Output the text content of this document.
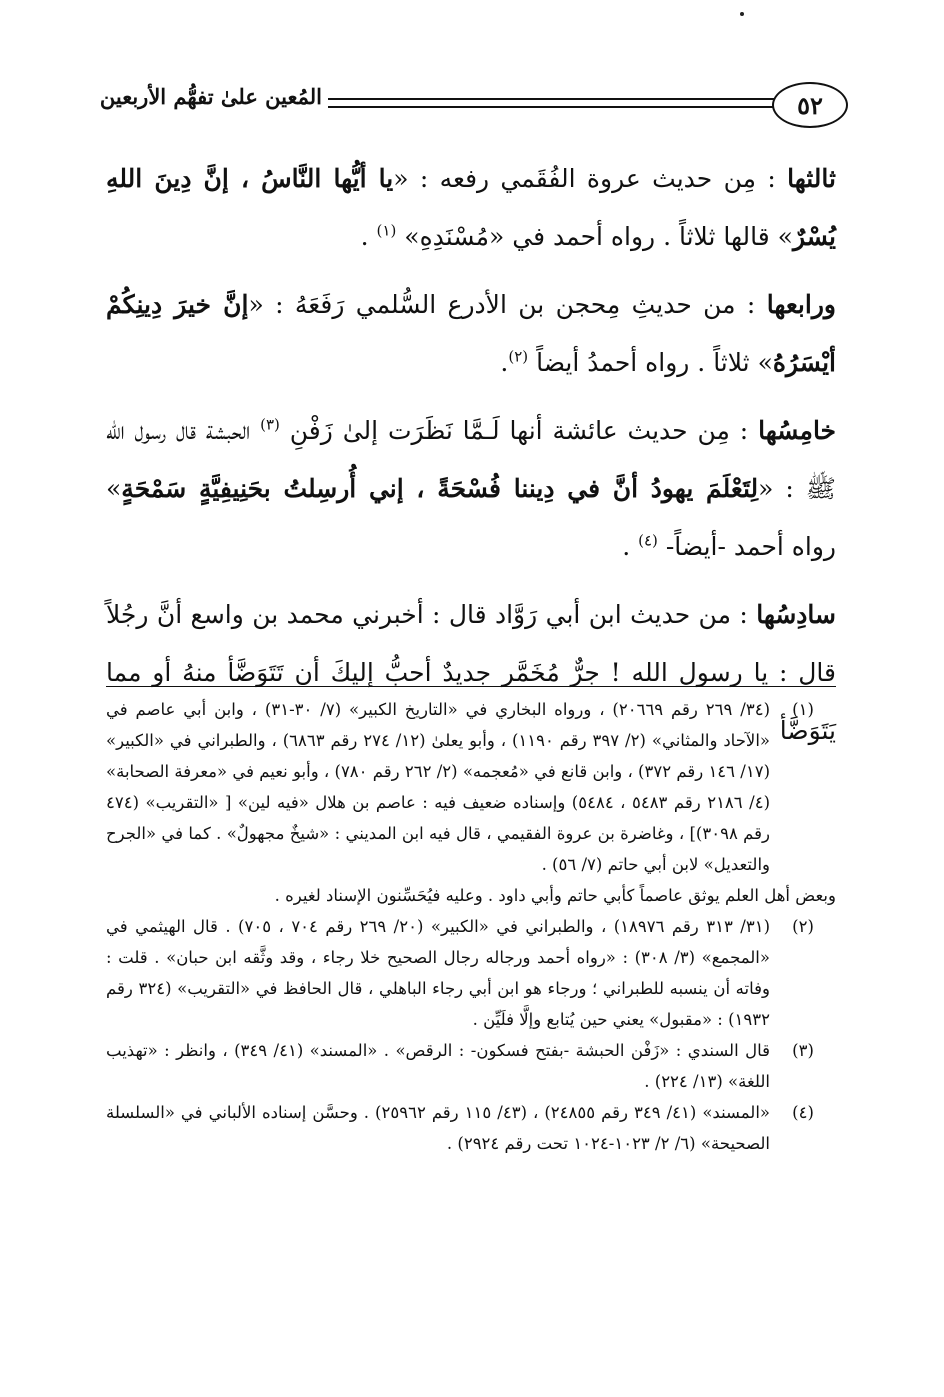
٥٢
المُعين علىٰ تفهُّم الأربعين

ثالثها : مِن حديث عروة الفُقَمي رفعه : «يا أيُّها النَّاسُ ، إنَّ دِينَ اللهِ يُسْرٌ» قالها ثلاثاً . رواه أحمد في «مُسْنَدِهِ» $^{(١)}$ .

ورابعها : من حديثِ مِحجن بن الأدرع السُّلمي رَفَعَهُ : «إنَّ خيرَ دِينِكُمْ أيْسَرُهُ» ثلاثاً . رواه أحمدُ أيضاً $^{(٢)}$.

خامِسُها : مِن حديث عائشة أنها لَـمَّا نَظَرَت إلىٰ زَفْنِ $^{(٣)}$ الحبشة قال رسول الله ﷺ : «لِتَعْلَمَ يهودُ أنَّ في دِيننا فُسْحَةً ، إني أُرسِلتُ بحَنِيفِيَّةٍ سَمْحَةٍ» رواه أحمد -أيضاً- $^{(٤)}$ .

سادِسُها : من حديث ابن أبي رَوَّاد قال : أخبرني محمد بن واسع أنَّ رجُلاً قال : يا رسول الله ! جرٌّ مُخَمَّر جديدٌ أحبُّ إليكَ أن تَتَوَضَّأ منهُ أو مما يَتَوَضَّأ

(١)
(٣٤/ ٢٦٩ رقم ٢٠٦٦٩) ، ورواه البخاري في «التاريخ الكبير» (٧/ ٣٠-٣١) ، وابن أبي عاصم في «الآحاد والمثاني» (٢/ ٣٩٧ رقم ١١٩٠) ، وأبو يعلىٰ (١٢/ ٢٧٤ رقم ٦٨٦٣) ، والطبراني في «الكبير» (١٧/ ١٤٦ رقم ٣٧٢) ، وابن قانع في «مُعجمه» (٢/ ٢٦٢ رقم ٧٨٠) ، وأبو نعيم في «معرفة الصحابة» (٤/ ٢١٨٦ رقم ٥٤٨٣ ، ٥٤٨٤) وإسناده ضعيف فيه : عاصم بن هلال «فيه لين» [ «التقريب» (٤٧٤ رقم ٣٠٩٨)] ، وغاضرة بن عروة الفقيمي ، قال فيه ابن المديني : «شيخٌ مجهولٌ» . كما في «الجرح والتعديل» لابن أبي حاتم (٧/ ٥٦) .
وبعض أهل العلم يوثق عاصماً كأبي حاتم وأبي داود . وعليه فيُحَسِّنون الإسناد لغيره .
(٢)
(٣١/ ٣١٣ رقم ١٨٩٧٦) ، والطبراني في «الكبير» (٢٠/ ٢٦٩ رقم ٧٠٤ ، ٧٠٥) . قال الهيثمي في «المجمع» (٣/ ٣٠٨) : «رواه أحمد ورجاله رجال الصحيح خلا رجاء ، وقد وثَّقه ابن حبان» . قلت : وفاته أن ينسبه للطبراني ؛ ورجاء هو ابن أبي رجاء الباهلي ، قال الحافظ في «التقريب» (٣٢٤ رقم ١٩٣٢) : «مقبول» يعني حين يُتابع وإلَّا فلَيِّن .
(٣)
قال السندي : «زَفْن الحبشة -بفتح فسكون- : الرقص» . «المسند» (٤١/ ٣٤٩) ، وانظر : «تهذيب اللغة» (١٣/ ٢٢٤) .
(٤)
«المسند» (٤١/ ٣٤٩ رقم ٢٤٨٥٥) ، (٤٣/ ١١٥ رقم ٢٥٩٦٢) . وحسَّن إسناده الألباني في «السلسلة الصحيحة» (٦/ ٢/ ١٠٢٣-١٠٢٤ تحت رقم ٢٩٢٤) .
